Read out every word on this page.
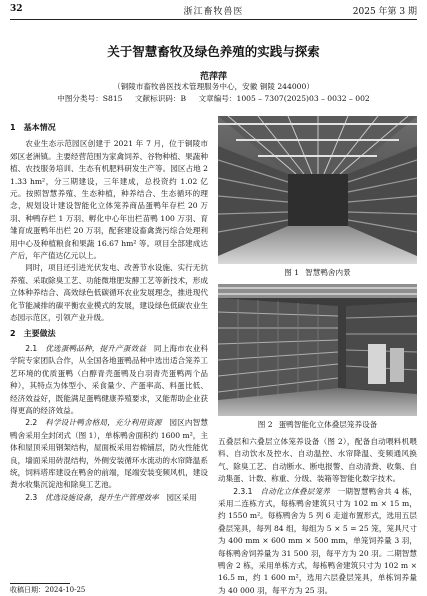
32	浙江畜牧兽医	2025 年第 3 期
关于智慧畜牧及绿色养殖的实践与探索
范萍萍
（铜陵市畜牧兽医技术管理服务中心，安徽 铜陵 244000）
中图分类号：S815 文献标识码：B 文章编号：1005 – 7307(2025)03 – 0032 – 002
1　基本情况

农业生态示范园区创建于 2021 年 7 月，位于铜陵市郊区老洲镇。主要经营范围为家禽饲养、谷物种植、果蔬种植、农技服务培训、生态有机肥料研发生产等。园区占地 21.33 hm²，分三期建设，三年建成，总投资约 1.02 亿元。按照智慧养殖、生态种植，种养结合、生态循环的理念，规划设计建设智能化立体笼养商品蛋鸭年存栏 20 万羽、种鸭存栏 1 万羽、孵化中心年出栏苗鸭 100 万羽、育雏育成蛋鸭年出栏 20 万羽，配套建设畜禽粪污综合处理利用中心及种植粮食和果蔬 16.67 hm² 等。项目全部建成达产后，年产值达亿元以上。

同时，项目还引进光伏发电、改善节水设施、实行无抗养殖、采取除臭工艺、功能微堆肥发酵工艺等新技术，形成立体种养结合、高效绿色低碳循环农业发展理念，推进现代化节能减排的碳平衡农业模式的发展，建设绿色低碳农业生态园示范区，引领产业升级。

2　主要做法

2.1　 优选蛋鸭品种，提升产蛋效益　 同上海市农业科学院专家团队合作，从全国各地蛋鸭品种中选出适合笼养工艺环境的优质蛋鸭（白醇青壳蛋鸭及白羽青壳蛋鸭两个品种），其特点为体型小、采食量少、产蛋率高、料蛋比低、经济效益好，既能满足蛋鸭健康养殖要求，又能帮助企业获得更高的经济效益。

2.2　 科学设计鸭舍格局，充分利用资源　 园区内智慧鸭舍采用全封闭式（图 1），单栋鸭舍面积约 1600 m²，主体和屋顶采用钢架结构，屋面板采用岩棉铺层，防火性能优良，墙面采用砖混结构，外侧安装循环水流动的水帘降温系统，饲料塔库建设在鸭舍的前端，尾端安装变频风机，建设粪水收集沉淀池和除臭工艺池。

2.3　 优选设施设备，提升生产管理效率　 园区采用

图 1 智慧鸭舍内景
图 2 蛋鸭智能化立体叠层笼养设备

五叠层和六叠层立体笼养设备（图 2），配备自动喂料机喂料、自动饮水及控水、自动温控、水帘降温、变频通风换气、除臭工艺、自动断水、断电报警、自动清粪、收集、自动集蛋、计数、称重、分级、装箱等智能化数字技术。

2.3.1　 自动化立体叠层笼养　 一期智慧鸭舍共 4 栋，采用二连栋方式，每栋鸭舍建筑只寸为 102 m × 15 m，约 1550 m²。每栋鸭舍为 5 列 6 走道布置形式，选用五层叠层笼具，每列 84 组，每组为 5 × 5 = 25 笼，笼具尺寸为 400 mm × 600 mm × 500 mm，单笼饲养量 3 羽，每栋鸭舍饲养量为 31 500 羽，每平方为 20 羽。二期智慧鸭舍 2 栋，采用单栋方式，每栋鸭舍建筑只寸为 102 m × 16.5 m，约 1 600 m²，选用六层叠层笼具，单栋饲养量为 40 000 羽，每平方为 25 羽。

收稿日期：2024-10-25
